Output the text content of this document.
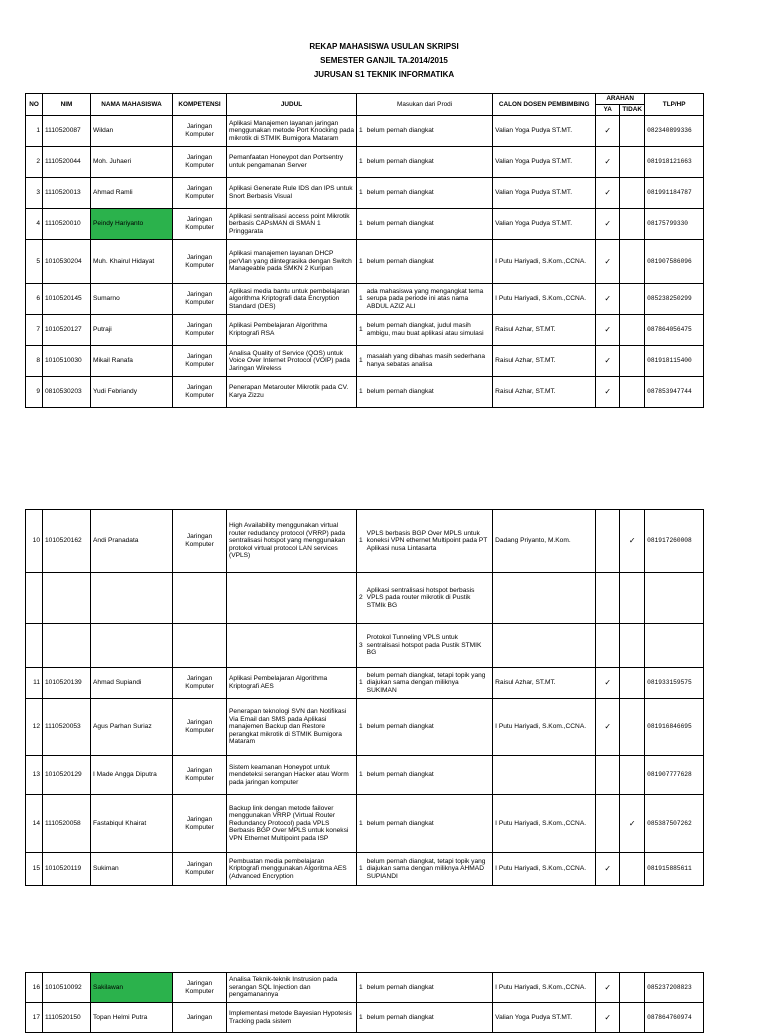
REKAP MAHASISWA USULAN SKRIPSI
SEMESTER GANJIL TA.2014/2015
JURUSAN S1 TEKNIK INFORMATIKA
NO	NIM	NAMA MAHASISWA	KOMPETENSI	JUDUL	Masukan dari Prodi		CALON DOSEN PEMBIMBING	ARAHAN		TLP/HP
								YA	TIDAK	
1	1110520087	Wildan	Jaringan Komputer	Aplikasi Manajemen layanan jaringan menggunakan metode Port Knocking pada mikrotik di STMIK Bumigora Mataram	1	belum pernah diangkat	Valian Yoga Pudya ST.MT.	✓		082340899336
2	1110520044	Moh. Juhaeri	Jaringan Komputer	Pemanfaatan Honeypot dan Portsentry untuk pengamanan Server	1	belum pernah diangkat	Valian Yoga Pudya ST.MT.	✓		081918121663
3	1110520013	Ahmad Ramli	Jaringan Komputer	Aplikasi Generate Rule IDS dan IPS untuk Snort Berbasis Visual	1	belum pernah diangkat	Valian Yoga Pudya ST.MT.	✓		081991184787
4	1110520010	Peindy Hariyanto	Jaringan Komputer	Aplikasi sentralisasi access point Mikrotik berbasis CAPsMAN di SMAN 1 Pringgarata	1	belum pernah diangkat	Valian Yoga Pudya ST.MT.	✓		08175799330
5	1010530204	Muh. Khairul Hidayat	Jaringan Komputer	Aplikasi manajemen layanan DHCP perVlan yang diintegrasika dengan Switch Manageable pada SMKN 2 Kuripan	1	belum pernah diangkat	I Putu Hariyadi, S.Kom.,CCNA.	✓		081907586096
6	1010520145	Sumarno	Jaringan Komputer	Aplikasi media bantu untuk pembelajaran algorithma Kriptografi data Encryption Standard (DES)	1	ada mahasiswa yang mengangkat tema serupa pada periode ini atas nama ABDUL AZIZ ALI	I Putu Hariyadi, S.Kom.,CCNA.	✓		085238250299
7	1010520127	Putraji	Jaringan Komputer	Aplikasi Pembelajaran Algorithma Kriptografi RSA	1	belum pernah diangkat, judul masih ambigu, mau buat aplikasi atau simulasi	Raisul Azhar, ST.MT.	✓		087864056475
8	1010510030	Mikail Ranafa	Jaringan Komputer	Analisa Quality of Service (QOS) untuk Voice Over Internet Protocol (VOIP) pada Jaringan Wireless	1	masalah yang dibahas masih sederhana hanya sebatas analisa	Raisul Azhar, ST.MT.	✓		081918115400
9	0810530203	Yudi Febriandy	Jaringan Komputer	Penerapan Metarouter Mikrotik pada CV. Karya Zizzu	1	belum pernah diangkat	Raisul Azhar, ST.MT.	✓		087853947744
10	1010520162	Andi Pranadata	Jaringan Komputer	High Availability menggunakan virtual router redudancy protocol (VRRP) pada sentralisasi hotspot yang menggunakan protokol virtual protocol LAN services (VPLS)	1	VPLS berbasis BGP Over MPLS untuk koneksi VPN ethernet Multipoint pada PT Aplikasi nusa Lintasarta	Dadang Priyanto, M.Kom.		✓	081917260008
					2	Aplikasi sentralisasi hotspot berbasis VPLS pada router mikrotik di Pustik STMIk BG				
					3	Protokol Tunneling VPLS untuk sentralisasi hotspot pada Pustik STMIK BG				
11	1010520139	Ahmad Supiandi	Jaringan Komputer	Aplikasi Pembelajaran Algorithma Kriptografi AES	1	belum pernah diangkat, tetapi topik yang diajukan sama dengan miliknya SUKIMAN	Raisul Azhar, ST.MT.	✓		081933159575
12	1110520053	Agus Parhan Suriaz	Jaringan Komputer	Penerapan teknologi SVN dan Notifikasi Via Email dan SMS pada Aplikasi manajemen Backup dan Restore perangkat mikrotik di STMIK Bumigora Mataram	1	belum pernah diangkat	I Putu Hariyadi, S.Kom.,CCNA.	✓		081916846695
13	1010520129	I Made Angga Diputra	Jaringan Komputer	Sistem keamanan Honeypot untuk mendeteksi serangan Hacker atau Worm pada jaringan komputer	1	belum pernah diangkat				081907777628
14	1110520058	Fastabiqul Khairat	Jaringan Komputer	Backup link dengan metode failover menggunakan VRRP (Virtual Router Redundancy Protocol) pada VPLS Berbasis BGP Over MPLS untuk koneksi VPN Ethernet Multipoint pada ISP	1	belum pernah diangkat	I Putu Hariyadi, S.Kom.,CCNA.		✓	085387507262
15	1010520119	Sukiman	Jaringan Komputer	Pembuatan media pembelajaran Kriptografi menggunakan Algoritma AES (Advanced Encryption	1	belum pernah diangkat, tetapi topik yang diajukan sama dengan miliknya AHMAD SUPIANDI	I Putu Hariyadi, S.Kom.,CCNA.	✓		081915885611
16	1010510092	Sakilawan	Jaringan Komputer	Analisa Teknik-teknik Instrusion pada serangan SQL Injection dan pengamanannya	1	belum pernah diangkat	I Putu Hariyadi, S.Kom.,CCNA.	✓		085237208823
17	1110520150	Topan Helmi Putra	Jaringan	Implementasi metode Bayesian Hypotesis Tracking pada sistem	1	belum pernah diangkat	Valian Yoga Pudya ST.MT.	✓		087864760974
